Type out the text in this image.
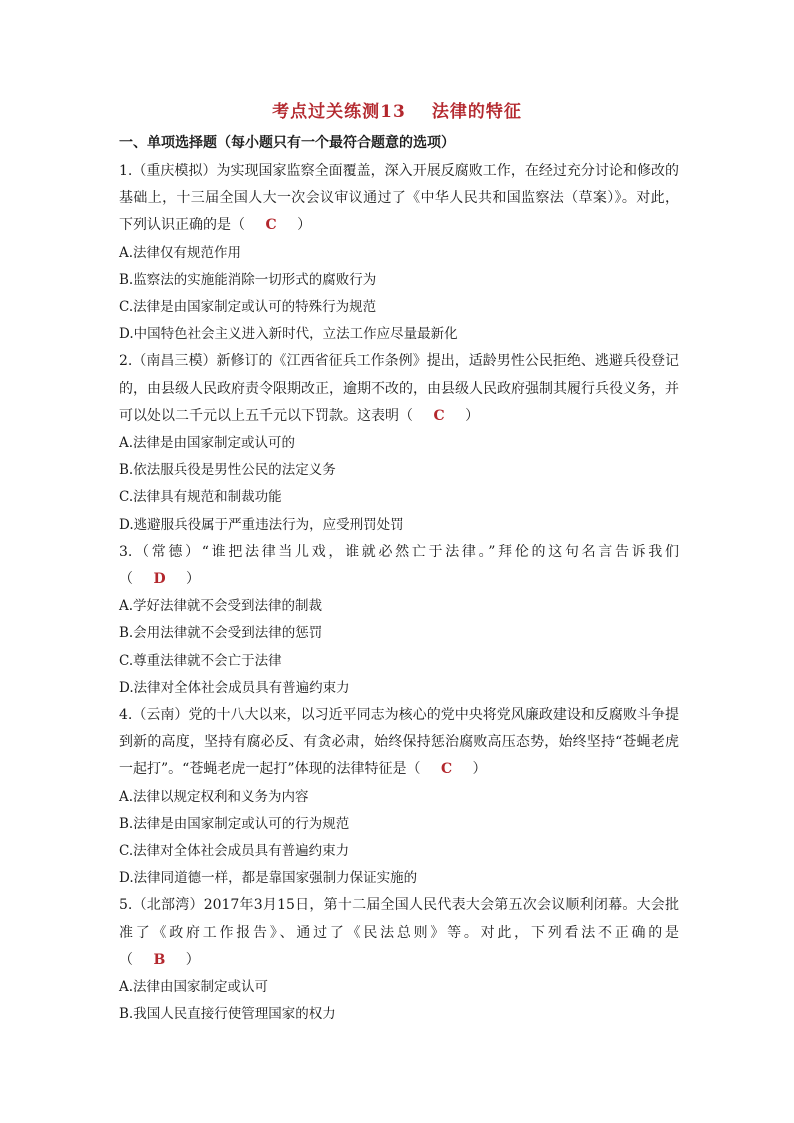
考点过关练测13 法律的特征
一、单项选择题（每小题只有一个最符合题意的选项）
1.（重庆模拟）为实现国家监察全面覆盖，深入开展反腐败工作，在经过充分讨论和修改的
基础上，十三届全国人大一次会议审议通过了《中华人民共和国监察法（草案）》。对此，
下列认识正确的是（　 C　 ）
A.法律仅有规范作用
B.监察法的实施能消除一切形式的腐败行为
C.法律是由国家制定或认可的特殊行为规范
D.中国特色社会主义进入新时代，立法工作应尽量最新化
2.（南昌三模）新修订的《江西省征兵工作条例》提出，适龄男性公民拒绝、逃避兵役登记
的，由县级人民政府责令限期改正，逾期不改的，由县级人民政府强制其履行兵役义务，并
可以处以二千元以上五千元以下罚款。这表明（　 C　 ）
A.法律是由国家制定或认可的
B.依法服兵役是男性公民的法定义务
C.法律具有规范和制裁功能
D.逃避服兵役属于严重违法行为，应受刑罚处罚
3.（常德）“谁把法律当儿戏，谁就必然亡于法律。”拜伦的这句名言告诉我们
（　 D　 ）
A.学好法律就不会受到法律的制裁
B.会用法律就不会受到法律的惩罚
C.尊重法律就不会亡于法律
D.法律对全体社会成员具有普遍约束力
4.（云南）党的十八大以来，以习近平同志为核心的党中央将党风廉政建设和反腐败斗争提
到新的高度，坚持有腐必反、有贪必肃，始终保持惩治腐败高压态势，始终坚持“苍蝇老虎
一起打”。“苍蝇老虎一起打”体现的法律特征是（　 C　 ）
A.法律以规定权利和义务为内容
B.法律是由国家制定或认可的行为规范
C.法律对全体社会成员具有普遍约束力
D.法律同道德一样，都是靠国家强制力保证实施的
5.（北部湾）2017年3月15日，第十二届全国人民代表大会第五次会议顺利闭幕。大会批
准了《政府工作报告》、通过了《民法总则》等。对此，下列看法不正确的是
（　 B　 ）
A.法律由国家制定或认可
B.我国人民直接行使管理国家的权力
